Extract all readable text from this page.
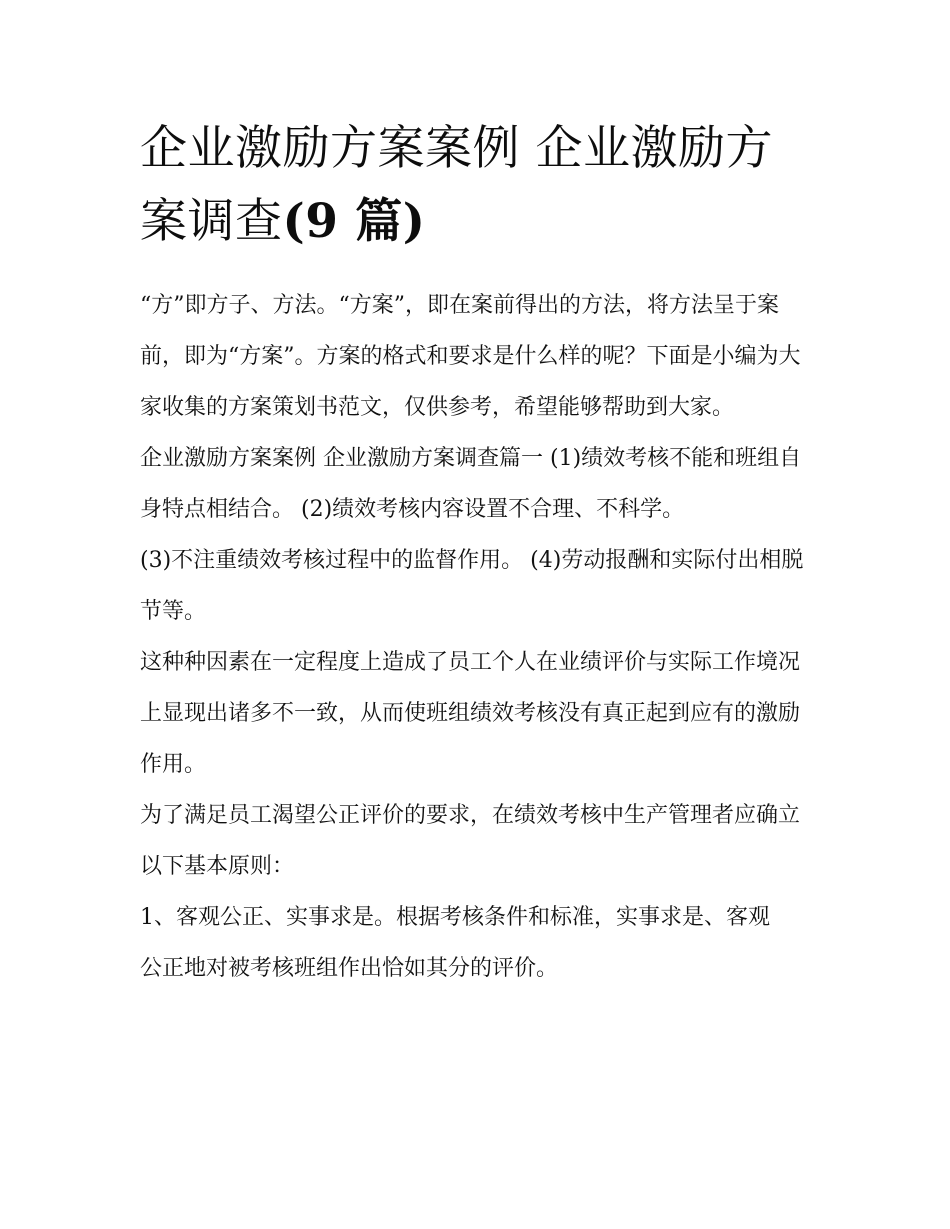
企业激励方案案例 企业激励方案调查(9 篇)

“方”即方子、方法。“方案”，即在案前得出的方法，将方法呈于案前，即为“方案”。方案的格式和要求是什么样的呢？下面是小编为大家收集的方案策划书范文，仅供参考，希望能够帮助到大家。

企业激励方案案例 企业激励方案调查篇一 (1)绩效考核不能和班组自身特点相结合。 (2)绩效考核内容设置不合理、不科学。

(3)不注重绩效考核过程中的监督作用。 (4)劳动报酬和实际付出相脱节等。

这种种因素在一定程度上造成了员工个人在业绩评价与实际工作境况上显现出诸多不一致，从而使班组绩效考核没有真正起到应有的激励作用。

为了满足员工渴望公正评价的要求，在绩效考核中生产管理者应确立以下基本原则：

1、客观公正、实事求是。根据考核条件和标准，实事求是、客观公正地对被考核班组作出恰如其分的评价。
